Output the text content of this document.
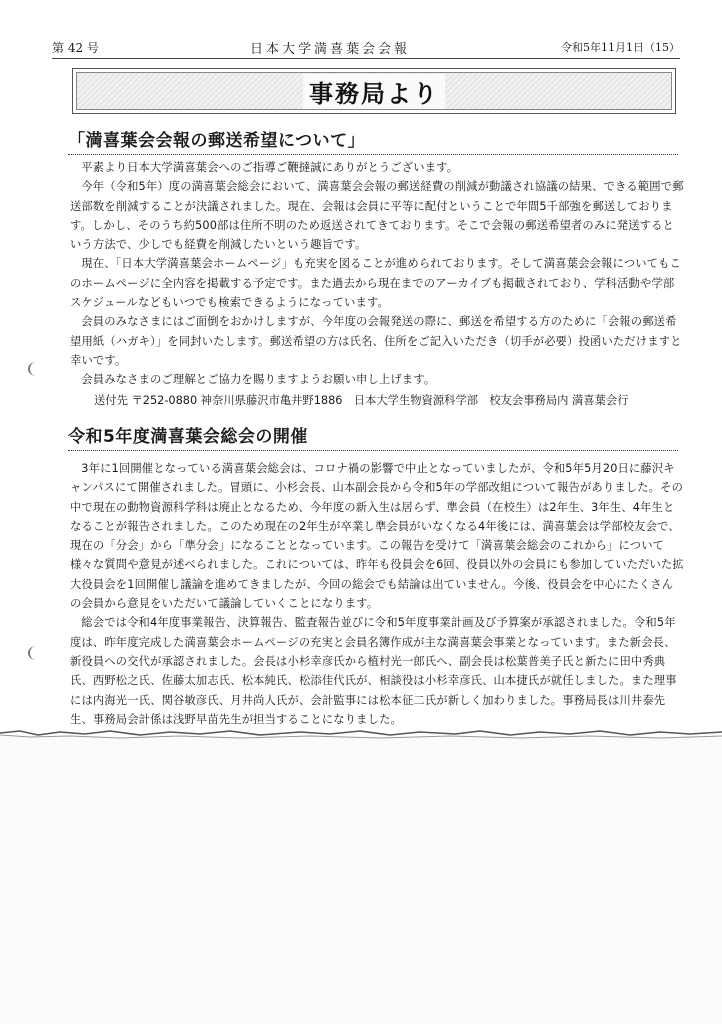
第 42 号	日本大学満喜葉会会報	令和5年11月1日（15）
事務局より
「満喜葉会会報の郵送希望について」

平素より日本大学満喜葉会へのご指導ご鞭撻誠にありがとうございます。

今年（令和5年）度の満喜葉会総会において、満喜葉会会報の郵送経費の削減が動議され協議の結果、できる範囲で郵送部数を削減することが決議されました。現在、会報は会員に平等に配付ということで年間5千部強を郵送しております。しかし、そのうち約500部は住所不明のため返送されてきております。そこで会報の郵送希望者のみに発送するという方法で、少しでも経費を削減したいという趣旨です。

現在、「日本大学満喜葉会ホームページ」も充実を図ることが進められております。そして満喜葉会会報についてもこのホームページに全内容を掲載する予定です。また過去から現在までのアーカイブも掲載されており、学科活動や学部スケジュールなどもいつでも検索できるようになっています。

会員のみなさまにはご面倒をおかけしますが、今年度の会報発送の際に、郵送を希望する方のために「会報の郵送希望用紙（ハガキ）」を同封いたします。郵送希望の方は氏名、住所をご記入いただき（切手が必要）投函いただけますと幸いです。

会員みなさまのご理解とご協力を賜りますようお願い申し上げます。

送付先 〒252-0880 神奈川県藤沢市亀井野1886　日本大学生物資源科学部　校友会事務局内 満喜葉会行
令和5年度満喜葉会総会の開催

3年に1回開催となっている満喜葉会総会は、コロナ禍の影響で中止となっていましたが、令和5年5月20日に藤沢キャンパスにて開催されました。冒頭に、小杉会長、山本副会長から令和5年の学部改組について報告がありました。その中で現在の動物資源科学科は廃止となるため、今年度の新入生は居らず、準会員（在校生）は2年生、3年生、4年生となることが報告されました。このため現在の2年生が卒業し準会員がいなくなる4年後には、満喜葉会は学部校友会で、現在の「分会」から「準分会」になることとなっています。この報告を受けて「満喜葉会総会のこれから」について様々な質問や意見が述べられました。これについては、昨年も役員会を6回、役員以外の会員にも参加していただいた拡大役員会を1回開催し議論を進めてきましたが、今回の総会でも結論は出ていません。今後、役員会を中心にたくさんの会員から意見をいただいて議論していくことになります。

総会では令和4年度事業報告、決算報告、監査報告並びに令和5年度事業計画及び予算案が承認されました。令和5年度は、昨年度完成した満喜葉会ホームページの充実と会員名簿作成が主な満喜葉会事業となっています。また新会長、新役員への交代が承認されました。会長は小杉幸彦氏から植村光一郎氏へ、副会長は松葉普美子氏と新たに田中秀典氏、西野松之氏、佐藤太加志氏、松本純氏、松添佳代氏が、相談役は小杉幸彦氏、山本捷氏が就任しました。また理事には内海光一氏、関谷敏彦氏、月井尚人氏が、会計監事には松本征二氏が新しく加わりました。事務局長は川井泰先生、事務局会計係は浅野早苗先生が担当することになりました。
